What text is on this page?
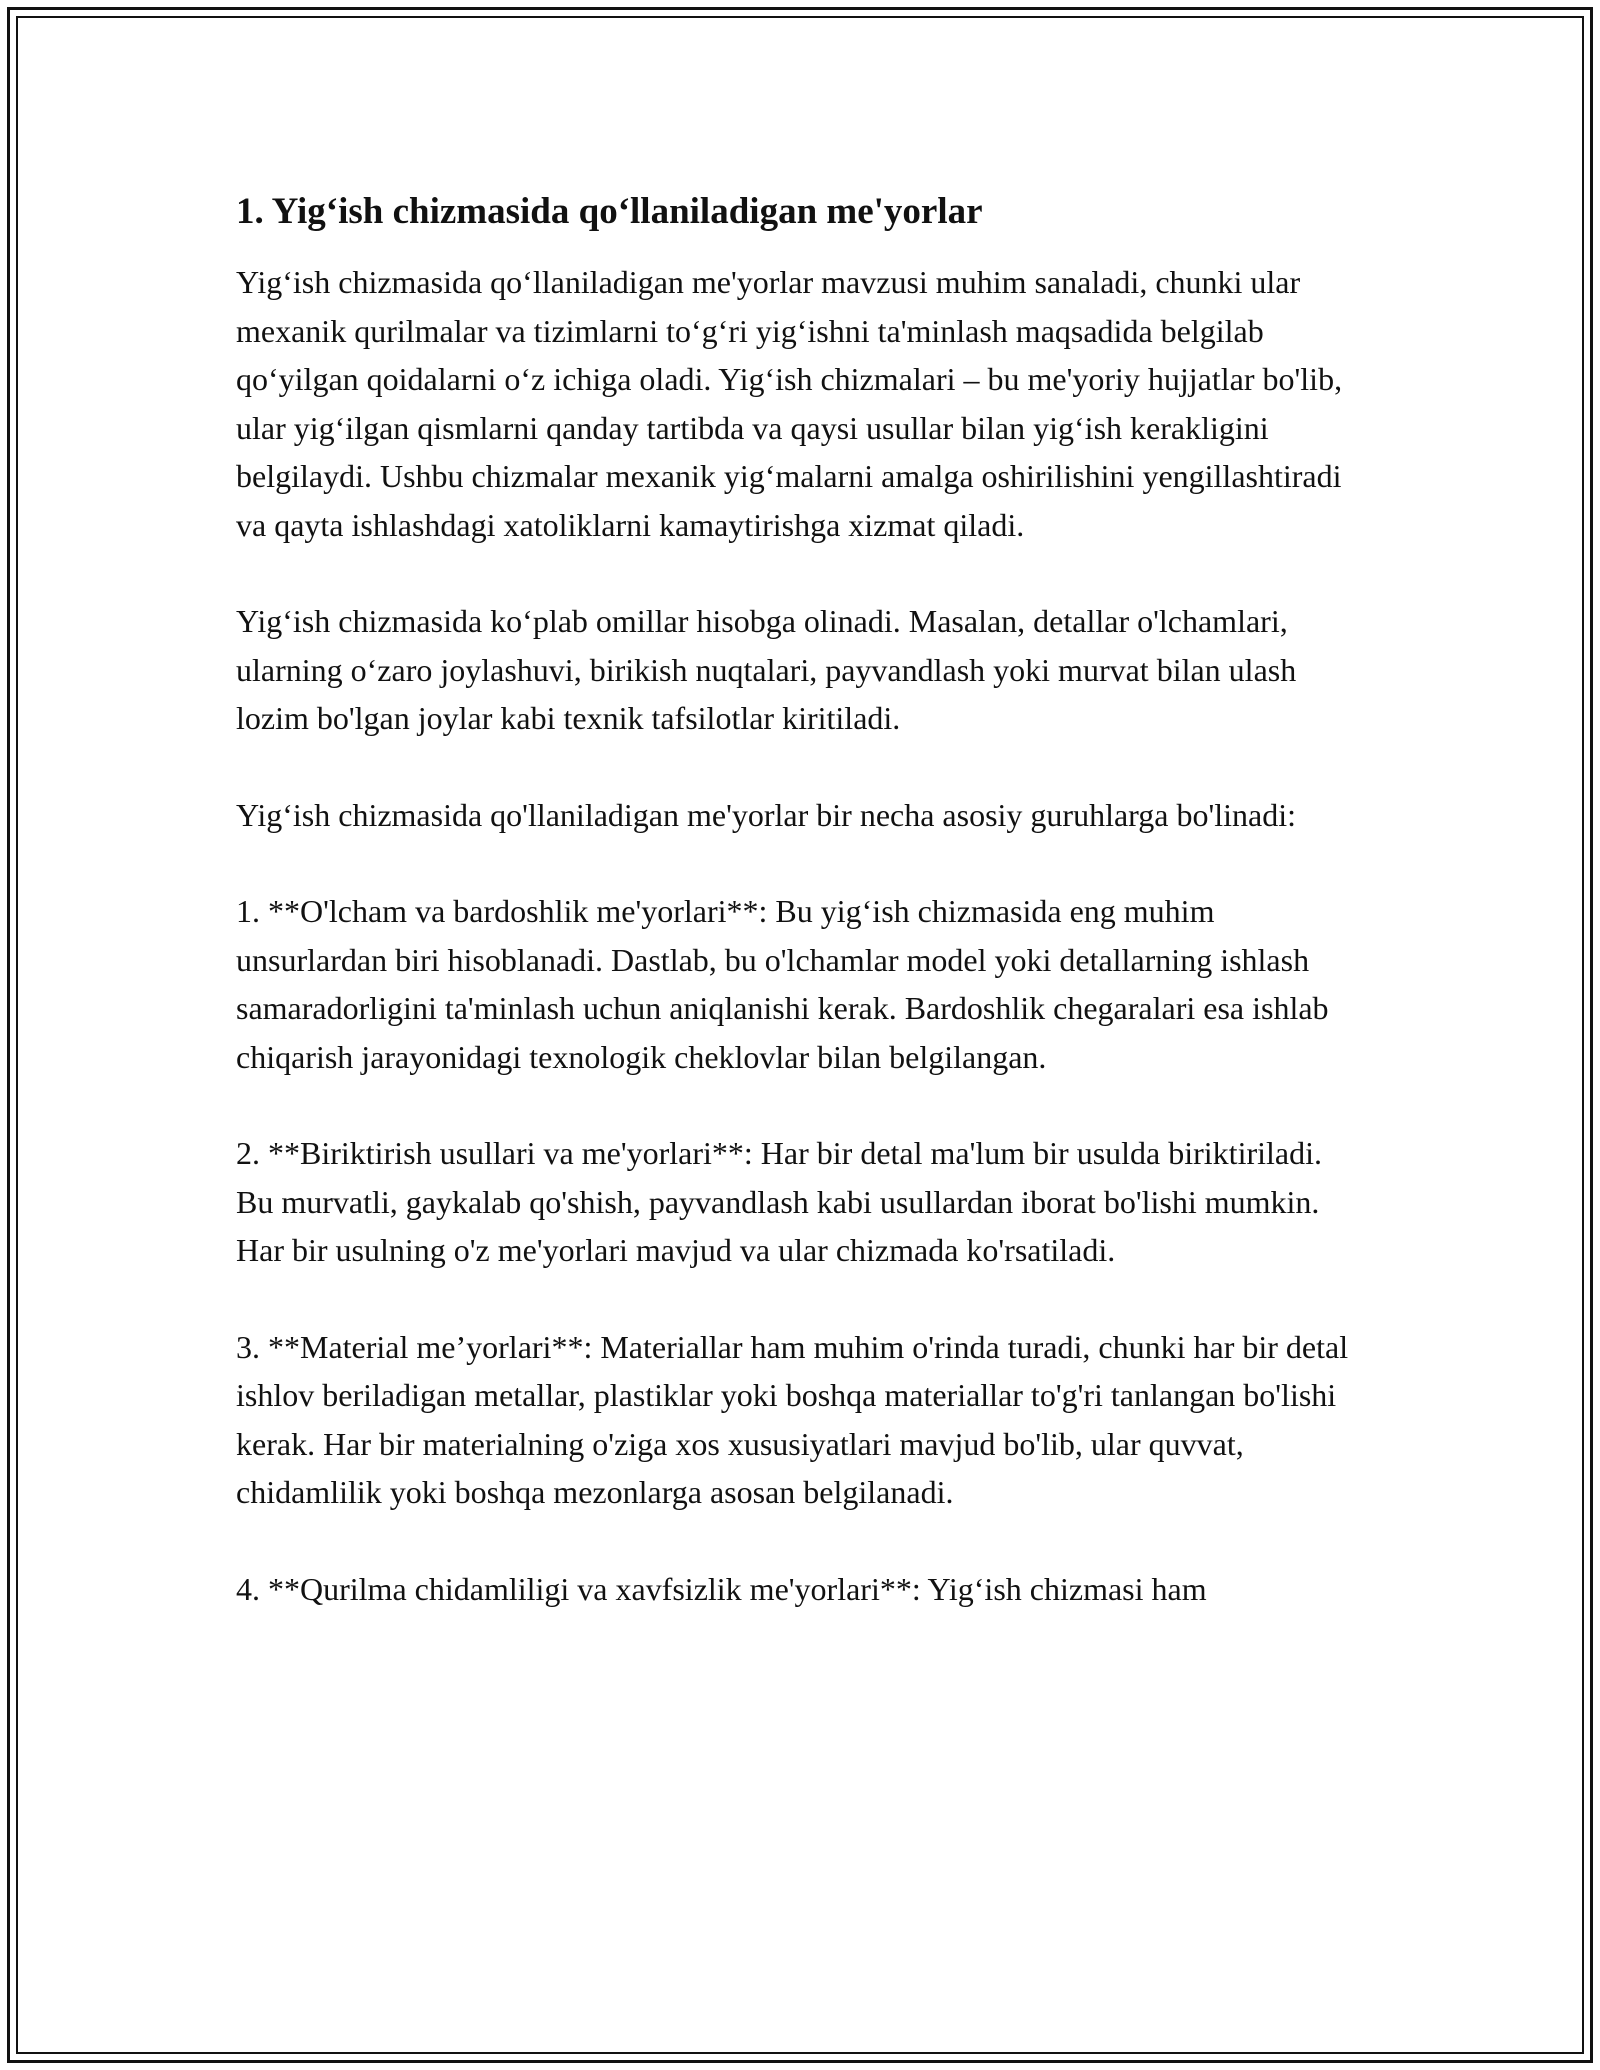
1. Yig‘ish chizmasida qo‘llaniladigan me'yorlar

Yig‘ish chizmasida qo‘llaniladigan me'yorlar mavzusi muhim sanaladi, chunki ular mexanik qurilmalar va tizimlarni to‘g‘ri yig‘ishni ta'minlash maqsadida belgilab qo‘yilgan qoidalarni o‘z ichiga oladi. Yig‘ish chizmalari – bu me'yoriy hujjatlar bo'lib, ular yig‘ilgan qismlarni qanday tartibda va qaysi usullar bilan yig‘ish kerakligini belgilaydi. Ushbu chizmalar mexanik yig‘malarni amalga oshirilishini yengillashtiradi va qayta ishlashdagi xatoliklarni kamaytirishga xizmat qiladi.

Yig‘ish chizmasida ko‘plab omillar hisobga olinadi. Masalan, detallar o'lchamlari, ularning o‘zaro joylashuvi, birikish nuqtalari, payvandlash yoki murvat bilan ulash lozim bo'lgan joylar kabi texnik tafsilotlar kiritiladi.

Yig‘ish chizmasida qo'llaniladigan me'yorlar bir necha asosiy guruhlarga bo'linadi:

1. **O'lcham va bardoshlik me'yorlari**: Bu yig‘ish chizmasida eng muhim unsurlardan biri hisoblanadi. Dastlab, bu o'lchamlar model yoki detallarning ishlash samaradorligini ta'minlash uchun aniqlanishi kerak. Bardoshlik chegaralari esa ishlab chiqarish jarayonidagi texnologik cheklovlar bilan belgilangan.

2. **Biriktirish usullari va me'yorlari**: Har bir detal ma'lum bir usulda biriktiriladi. Bu murvatli, gaykalab qo'shish, payvandlash kabi usullardan iborat bo'lishi mumkin. Har bir usulning o'z me'yorlari mavjud va ular chizmada ko'rsatiladi.

3. **Material me’yorlari**: Materiallar ham muhim o'rinda turadi, chunki har bir detal ishlov beriladigan metallar, plastiklar yoki boshqa materiallar to'g'ri tanlangan bo'lishi kerak. Har bir materialning o'ziga xos xususiyatlari mavjud bo'lib, ular quvvat, chidamlilik yoki boshqa mezonlarga asosan belgilanadi.

4. **Qurilma chidamliligi va xavfsizlik me'yorlari**: Yig‘ish chizmasi ham
